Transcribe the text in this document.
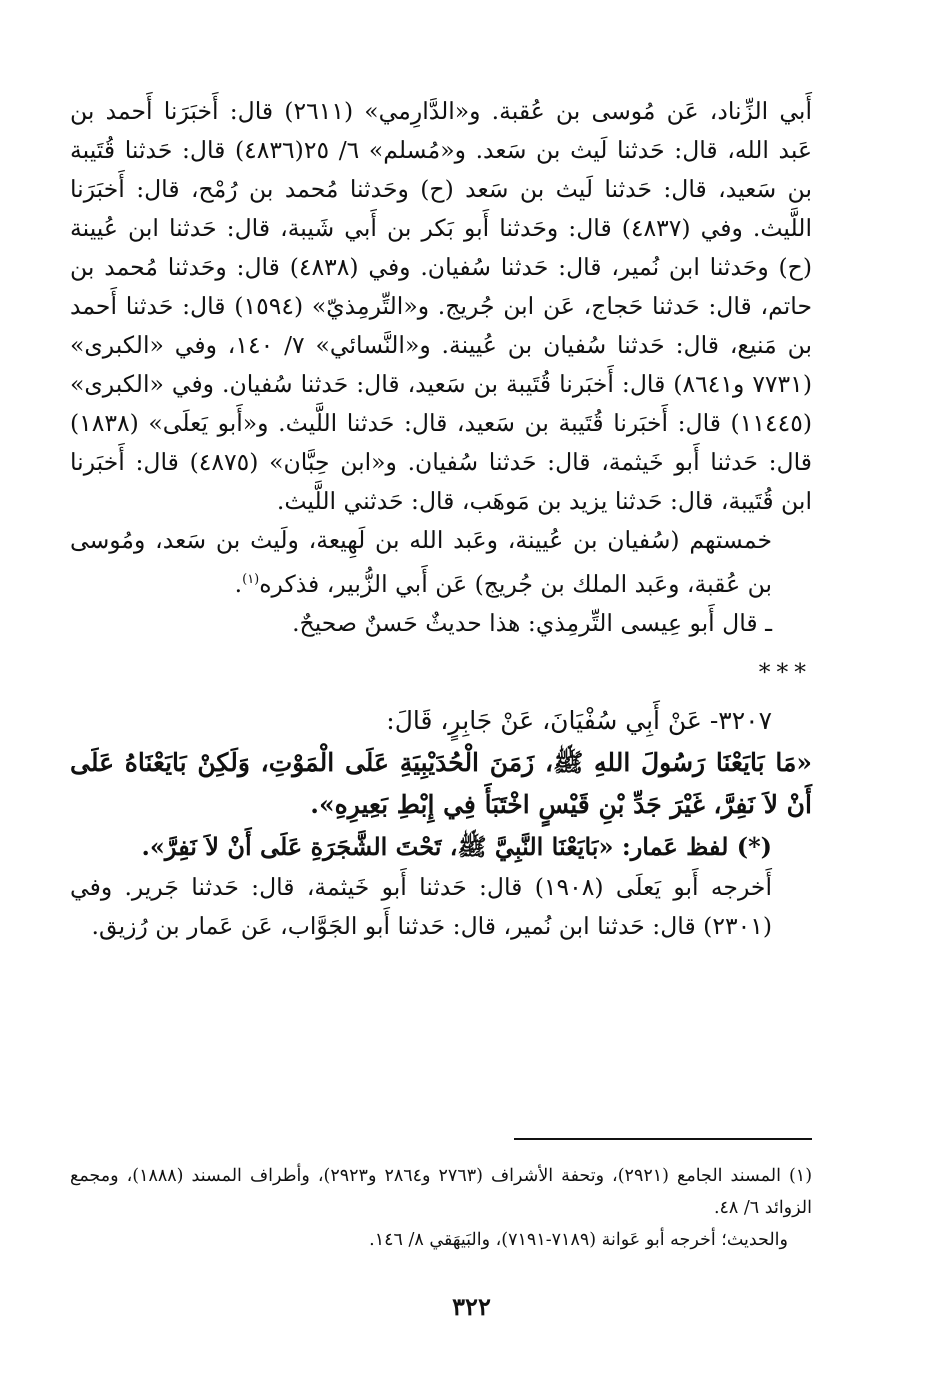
أَبي الزِّناد، عَن مُوسى بن عُقبة. و«الدَّارِمي» (٢٦١١) قال: أَخبَرَنا أَحمد بن عَبد الله، قال: حَدثنا لَيث بن سَعد. و«مُسلم» ٦/ ٢٥(٤٨٣٦) قال: حَدثنا قُتَيبة بن سَعيد، قال: حَدثنا لَيث بن سَعد (ح) وحَدثنا مُحمد بن رُمْح، قال: أَخبَرَنا اللَّيث. وفي (٤٨٣٧) قال: وحَدثنا أَبو بَكر بن أَبي شَيبة، قال: حَدثنا ابن عُيينة (ح) وحَدثنا ابن نُمير، قال: حَدثنا سُفيان. وفي (٤٨٣٨) قال: وحَدثنا مُحمد بن حاتم، قال: حَدثنا حَجاج، عَن ابن جُريج. و«التِّرمِذيّ» (١٥٩٤) قال: حَدثنا أَحمد بن مَنيع، قال: حَدثنا سُفيان بن عُيينة. و«النَّسائي» ٧/ ١٤٠، وفي «الكبرى» (٧٧٣١ و٨٦٤١) قال: أَخبَرنا قُتَيبة بن سَعيد، قال: حَدثنا سُفيان. وفي «الكبرى» (١١٤٤٥) قال: أَخبَرنا قُتَيبة بن سَعيد، قال: حَدثنا اللَّيث. و«أَبو يَعلَى» (١٨٣٨) قال: حَدثنا أَبو خَيثمة، قال: حَدثنا سُفيان. و«ابن حِبَّان» (٤٨٧٥) قال: أَخبَرنا ابن قُتَيبة، قال: حَدثنا يزيد بن مَوهَب، قال: حَدثني اللَّيث.

خمستهم (سُفيان بن عُيينة، وعَبد الله بن لَهِيعة، ولَيث بن سَعد، ومُوسى بن عُقبة، وعَبد الملك بن جُريج) عَن أَبي الزُّبير، فذكره$^{(١)}$.

ـ قال أَبو عِيسى التِّرمِذي: هذا حديثٌ حَسنٌ صحيحٌ.

***

٣٢٠٧- عَنْ أَبِي سُفْيَانَ، عَنْ جَابِرٍ، قَالَ:

«مَا بَايَعْنَا رَسُولَ اللهِ ﷺ، زَمَنَ الْحُدَيْبِيَةِ عَلَى الْمَوْتِ، وَلَكِنْ بَايَعْنَاهُ عَلَى أَنْ لاَ نَفِرَّ، غَيْرَ جَدِّ بْنِ قَيْسٍ اخْتَبَأَ فِي إِبْطِ بَعِيرِهِ».

(*) لفظ عَمار: «بَايَعْنَا النَّبِيَّ ﷺ، تَحْتَ الشَّجَرَةِ عَلَى أَنْ لاَ نَفِرَّ».

أَخرجه أَبو يَعلَى (١٩٠٨) قال: حَدثنا أَبو خَيثمة، قال: حَدثنا جَرير. وفي (٢٣٠١) قال: حَدثنا ابن نُمير، قال: حَدثنا أَبو الجَوَّاب، عَن عَمار بن رُزيق.

(١) المسند الجامع (٢٩٢١)، وتحفة الأشراف (٢٧٦٣ و٢٨٦٤ و٢٩٢٣)، وأطراف المسند (١٨٨٨)، ومجمع الزوائد ٦/ ٤٨.

والحديث؛ أخرجه أبو عَوانة (٧١٨٩-٧١٩١)، والبَيهَقي ٨/ ١٤٦.

٣٢٢
